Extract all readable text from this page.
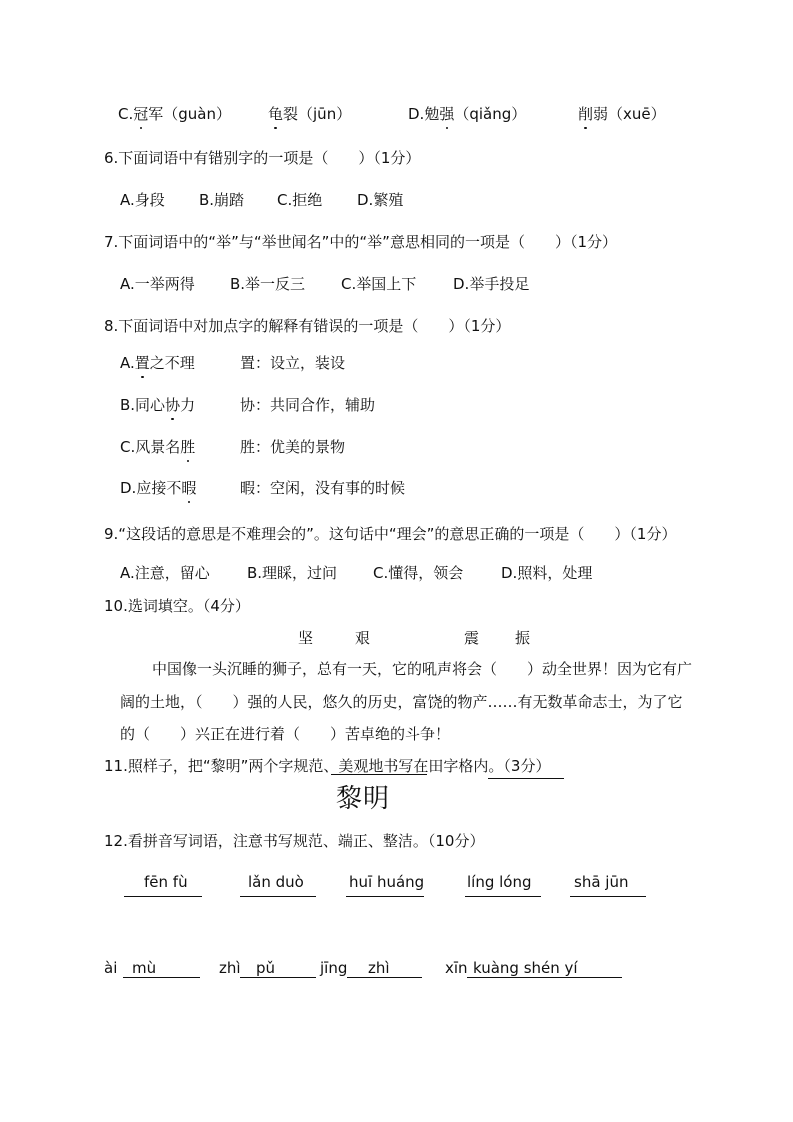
C.冠军（guàn） 龟裂（jūn）	D.勉强（qiǎng）	削弱（xuē）
6.下面词语中有错别字的一项是（　　）（1分）
A.身段 B.崩踏 C.拒绝 D.繁殖
7.下面词语中的“举”与“举世闻名”中的“举”意思相同的一项是（　　）（1分）
A.一举两得 B.举一反三 C.举国上下 D.举手投足
8.下面词语中对加点字的解释有错误的一项是（　　）（1分）
A.置之不理	置：设立，装设
B.同心协力	协：共同合作，辅助
C.风景名胜	胜：优美的景物
D.应接不暇	暇：空闲，没有事的时候
9.“这段话的意思是不难理会的”。这句话中“理会”的意思正确的一项是（　　）（1分）
A.注意，留心 B.理睬，过问 C.懂得，领会	D.照料，处理
10.选词填空。（4分）
坚	艰	震 振
中国像一头沉睡的狮子，总有一天，它的吼声将会（　　）动全世界！因为它有广
阔的土地，（　　）强的人民，悠久的历史，富饶的物产……有无数革命志士，为了它
的（　　）兴正在进行着（　　）苦卓绝的斗争！
11.照样子，把“黎明”两个字规范、美观地书写在田字格内。（3分）
黎明
12.看拼音写词语，注意书写规范、端正、整洁。（10分）
fēn fù	lǎn duò	huī huáng	líng lóng	shā jūn
ài mù	zhì pǔ	jīng zhì	xīn kuàng shén yí
